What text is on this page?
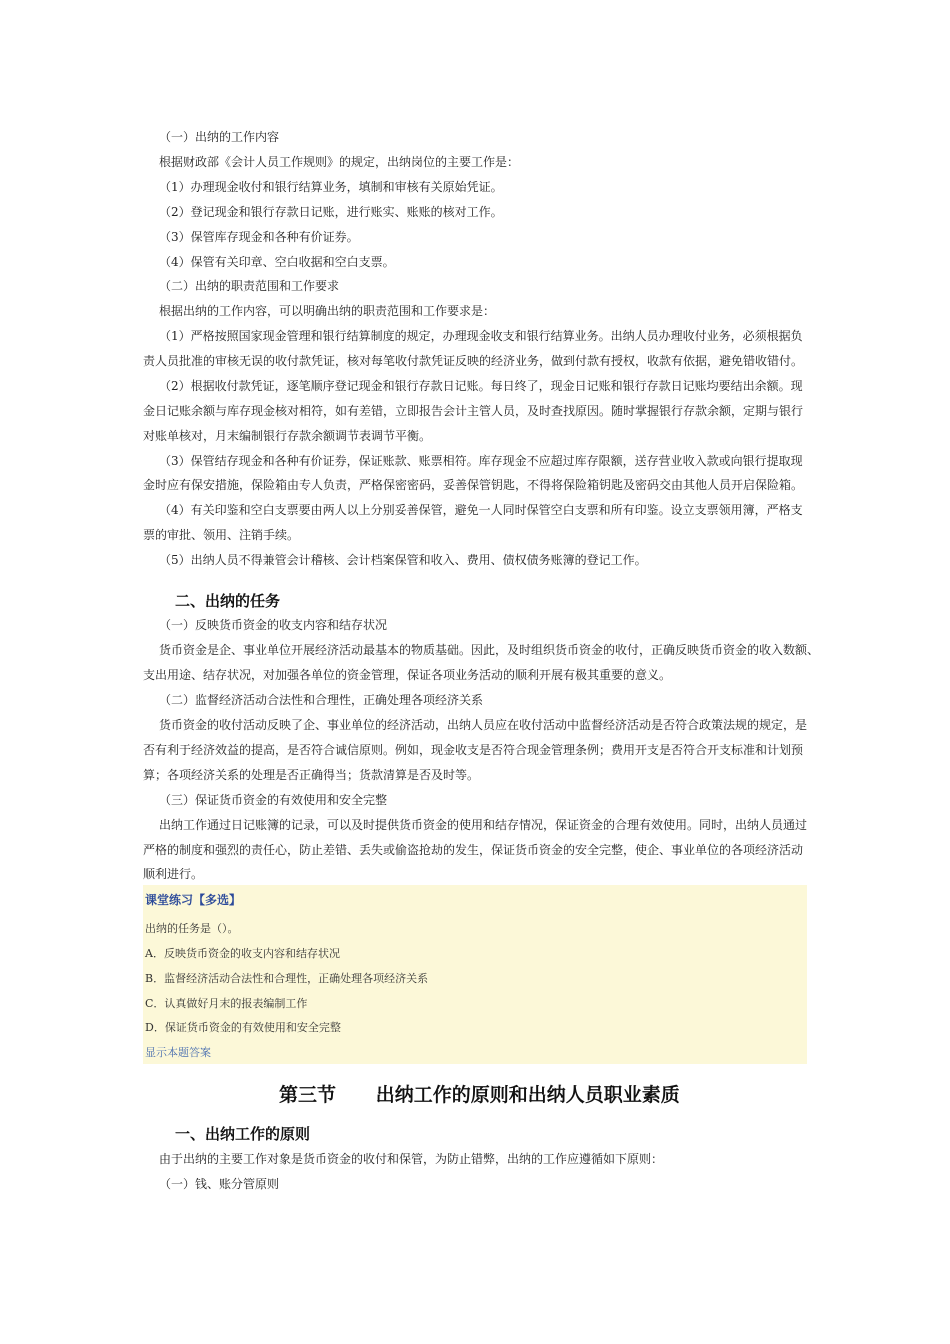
（一）出纳的工作内容
根据财政部《会计人员工作规则》的规定，出纳岗位的主要工作是：
（1）办理现金收付和银行结算业务，填制和审核有关原始凭证。
（2）登记现金和银行存款日记账，进行账实、账账的核对工作。
（3）保管库存现金和各种有价证券。
（4）保管有关印章、空白收据和空白支票。
（二）出纳的职责范围和工作要求
根据出纳的工作内容，可以明确出纳的职责范围和工作要求是：
（1）严格按照国家现金管理和银行结算制度的规定，办理现金收支和银行结算业务。出纳人员办理收付业务，必须根据负
责人员批准的审核无误的收付款凭证，核对每笔收付款凭证反映的经济业务，做到付款有授权，收款有依据，避免错收错付。
（2）根据收付款凭证，逐笔顺序登记现金和银行存款日记账。每日终了，现金日记账和银行存款日记账均要结出余额。现
金日记账余额与库存现金核对相符，如有差错，立即报告会计主管人员，及时查找原因。随时掌握银行存款余额，定期与银行
对账单核对，月末编制银行存款余额调节表调节平衡。
（3）保管结存现金和各种有价证券，保证账款、账票相符。库存现金不应超过库存限额，送存营业收入款或向银行提取现
金时应有保安措施，保险箱由专人负责，严格保密密码，妥善保管钥匙，不得将保险箱钥匙及密码交由其他人员开启保险箱。
（4）有关印鉴和空白支票要由两人以上分别妥善保管，避免一人同时保管空白支票和所有印鉴。设立支票领用簿，严格支
票的审批、领用、注销手续。
（5）出纳人员不得兼管会计稽核、会计档案保管和收入、费用、债权债务账簿的登记工作。
二、出纳的任务
（一）反映货币资金的收支内容和结存状况
货币资金是企、事业单位开展经济活动最基本的物质基础。因此，及时组织货币资金的收付，正确反映货币资金的收入数额、
支出用途、结存状况，对加强各单位的资金管理，保证各项业务活动的顺利开展有极其重要的意义。
（二）监督经济活动合法性和合理性，正确处理各项经济关系
货币资金的收付活动反映了企、事业单位的经济活动，出纳人员应在收付活动中监督经济活动是否符合政策法规的规定，是
否有利于经济效益的提高，是否符合诚信原则。例如，现金收支是否符合现金管理条例；费用开支是否符合开支标准和计划预
算；各项经济关系的处理是否正确得当；货款清算是否及时等。
（三）保证货币资金的有效使用和安全完整
出纳工作通过日记账簿的记录，可以及时提供货币资金的使用和结存情况，保证资金的合理有效使用。同时，出纳人员通过
严格的制度和强烈的责任心，防止差错、丢失或偷盗抢劫的发生，保证货币资金的安全完整，使企、事业单位的各项经济活动
顺利进行。
课堂练习【多选】
出纳的任务是（）。
A．反映货币资金的收支内容和结存状况
B．监督经济活动合法性和合理性，正确处理各项经济关系
C．认真做好月末的报表编制工作
D．保证货币资金的有效使用和安全完整
显示本题答案
第三节      出纳工作的原则和出纳人员职业素质
一、出纳工作的原则
由于出纳的主要工作对象是货币资金的收付和保管，为防止错弊，出纳的工作应遵循如下原则：
（一）钱、账分管原则
